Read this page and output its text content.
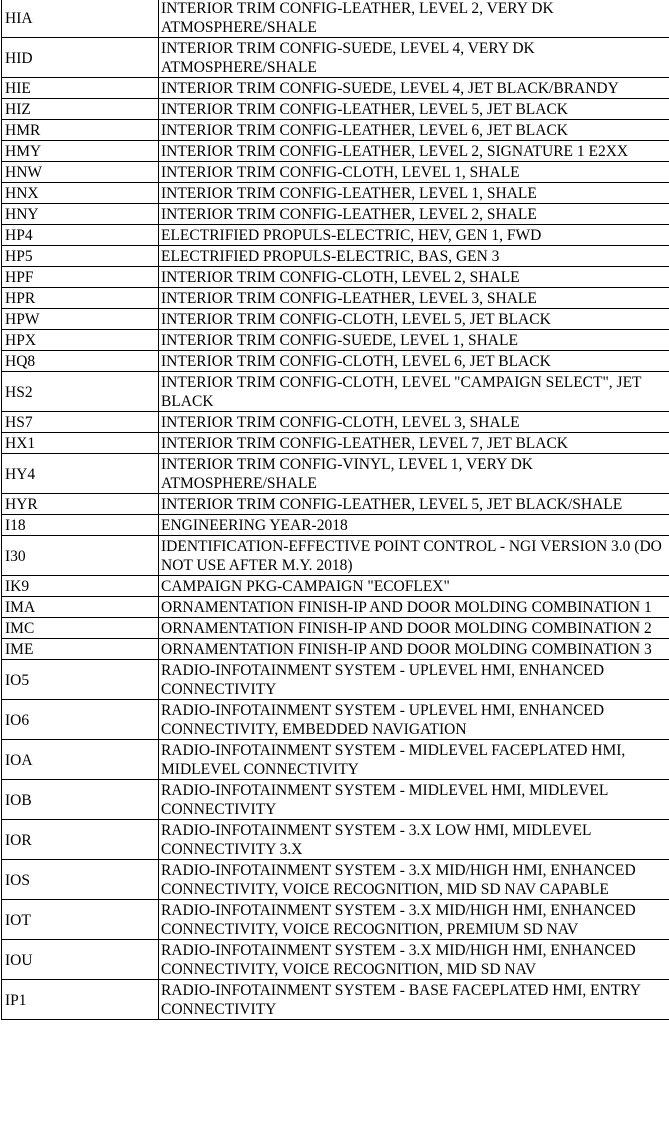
HIA	INTERIOR TRIM CONFIG-LEATHER, LEVEL 2, VERY DK ATMOSPHERE/SHALE
HID	INTERIOR TRIM CONFIG-SUEDE, LEVEL 4, VERY DK ATMOSPHERE/SHALE
HIE	INTERIOR TRIM CONFIG-SUEDE, LEVEL 4, JET BLACK/BRANDY
HIZ	INTERIOR TRIM CONFIG-LEATHER, LEVEL 5, JET BLACK
HMR	INTERIOR TRIM CONFIG-LEATHER, LEVEL 6, JET BLACK
HMY	INTERIOR TRIM CONFIG-LEATHER, LEVEL 2, SIGNATURE 1 E2XX
HNW	INTERIOR TRIM CONFIG-CLOTH, LEVEL 1, SHALE
HNX	INTERIOR TRIM CONFIG-LEATHER, LEVEL 1, SHALE
HNY	INTERIOR TRIM CONFIG-LEATHER, LEVEL 2, SHALE
HP4	ELECTRIFIED PROPULS-ELECTRIC, HEV, GEN 1, FWD
HP5	ELECTRIFIED PROPULS-ELECTRIC, BAS, GEN 3
HPF	INTERIOR TRIM CONFIG-CLOTH, LEVEL 2, SHALE
HPR	INTERIOR TRIM CONFIG-LEATHER, LEVEL 3, SHALE
HPW	INTERIOR TRIM CONFIG-CLOTH, LEVEL 5, JET BLACK
HPX	INTERIOR TRIM CONFIG-SUEDE, LEVEL 1, SHALE
HQ8	INTERIOR TRIM CONFIG-CLOTH, LEVEL 6, JET BLACK
HS2	INTERIOR TRIM CONFIG-CLOTH, LEVEL "CAMPAIGN SELECT", JET BLACK
HS7	INTERIOR TRIM CONFIG-CLOTH, LEVEL 3, SHALE
HX1	INTERIOR TRIM CONFIG-LEATHER, LEVEL 7, JET BLACK
HY4	INTERIOR TRIM CONFIG-VINYL, LEVEL 1, VERY DK ATMOSPHERE/SHALE
HYR	INTERIOR TRIM CONFIG-LEATHER, LEVEL 5, JET BLACK/SHALE
I18	ENGINEERING YEAR-2018
I30	IDENTIFICATION-EFFECTIVE POINT CONTROL - NGI VERSION 3.0 (DO NOT USE AFTER M.Y. 2018)
IK9	CAMPAIGN PKG-CAMPAIGN "ECOFLEX"
IMA	ORNAMENTATION FINISH-IP AND DOOR MOLDING COMBINATION 1
IMC	ORNAMENTATION FINISH-IP AND DOOR MOLDING COMBINATION 2
IME	ORNAMENTATION FINISH-IP AND DOOR MOLDING COMBINATION 3
IO5	RADIO-INFOTAINMENT SYSTEM - UPLEVEL HMI, ENHANCED CONNECTIVITY
IO6	RADIO-INFOTAINMENT SYSTEM - UPLEVEL HMI, ENHANCED CONNECTIVITY, EMBEDDED NAVIGATION
IOA	RADIO-INFOTAINMENT SYSTEM - MIDLEVEL FACEPLATED HMI, MIDLEVEL CONNECTIVITY
IOB	RADIO-INFOTAINMENT SYSTEM - MIDLEVEL HMI, MIDLEVEL CONNECTIVITY
IOR	RADIO-INFOTAINMENT SYSTEM - 3.X LOW HMI, MIDLEVEL CONNECTIVITY 3.X
IOS	RADIO-INFOTAINMENT SYSTEM - 3.X MID/HIGH HMI, ENHANCED CONNECTIVITY, VOICE RECOGNITION, MID SD NAV CAPABLE
IOT	RADIO-INFOTAINMENT SYSTEM - 3.X MID/HIGH HMI, ENHANCED CONNECTIVITY, VOICE RECOGNITION, PREMIUM SD NAV
IOU	RADIO-INFOTAINMENT SYSTEM - 3.X MID/HIGH HMI, ENHANCED CONNECTIVITY, VOICE RECOGNITION, MID SD NAV
IP1	RADIO-INFOTAINMENT SYSTEM - BASE FACEPLATED HMI, ENTRY CONNECTIVITY
